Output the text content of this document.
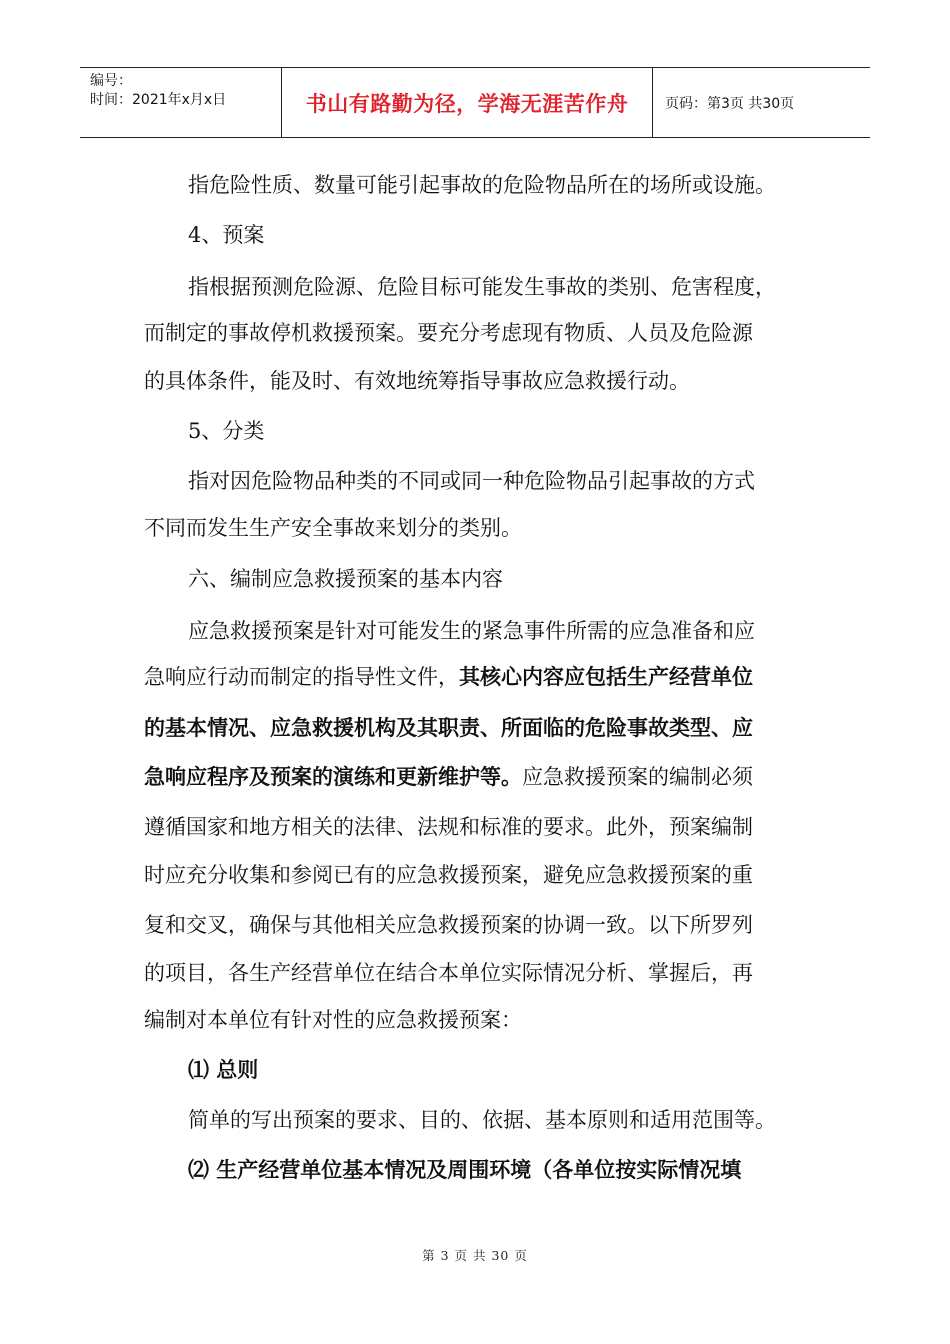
编号：
时间：2021年x月x日	书山有路勤为径，学海无涯苦作舟	页码：第3页 共30页
指危险性质、数量可能引起事故的危险物品所在的场所或设施。
4、预案
指根据预测危险源、危险目标可能发生事故的类别、危害程度，
而制定的事故停机救援预案。要充分考虑现有物质、人员及危险源
的具体条件，能及时、有效地统筹指导事故应急救援行动。
5、分类
指对因危险物品种类的不同或同一种危险物品引起事故的方式
不同而发生生产安全事故来划分的类别。
六、编制应急救援预案的基本内容
应急救援预案是针对可能发生的紧急事件所需的应急准备和应
急响应行动而制定的指导性文件，其核心内容应包括生产经营单位
的基本情况、应急救援机构及其职责、所面临的危险事故类型、应
急响应程序及预案的演练和更新维护等。应急救援预案的编制必须
遵循国家和地方相关的法律、法规和标准的要求。此外，预案编制
时应充分收集和参阅已有的应急救援预案，避免应急救援预案的重
复和交叉，确保与其他相关应急救援预案的协调一致。以下所罗列
的项目，各生产经营单位在结合本单位实际情况分析、掌握后，再
编制对本单位有针对性的应急救援预案：
⑴ 总则
简单的写出预案的要求、目的、依据、基本原则和适用范围等。
⑵ 生产经营单位基本情况及周围环境（各单位按实际情况填
第 3 页 共 30 页
